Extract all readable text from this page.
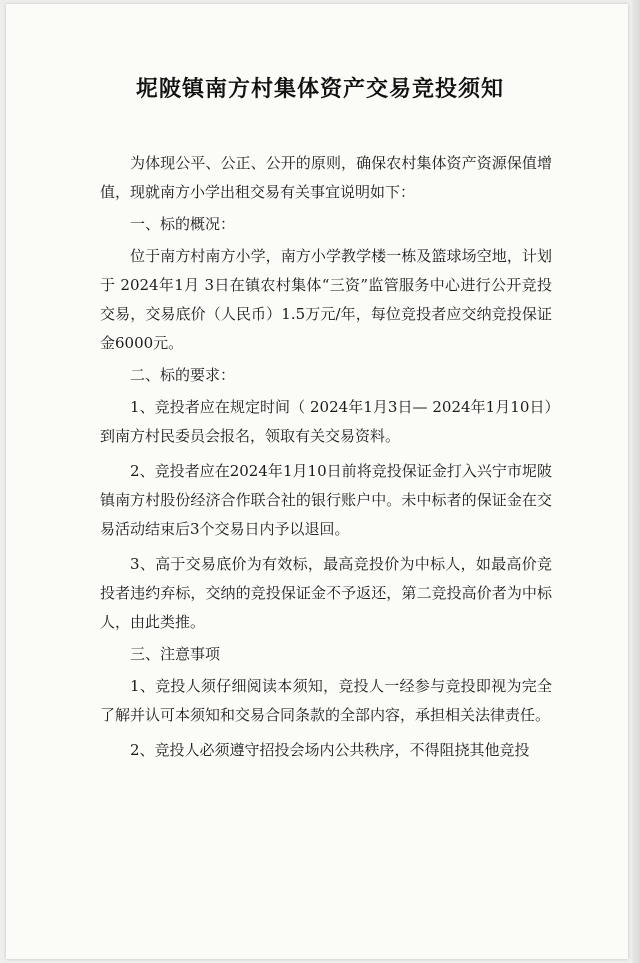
坭陂镇南方村集体资产交易竞投须知

为体现公平、公正、公开的原则，确保农村集体资产资源保值增值，现就南方小学出租交易有关事宜说明如下：

一、标的概况：

位于南方村南方小学，南方小学教学楼一栋及篮球场空地，计划于 2024年1月 3日在镇农村集体“三资”监管服务中心进行公开竞投交易，交易底价（人民币）1.5万元/年，每位竞投者应交纳竞投保证金6000元。

二、标的要求：

1、竞投者应在规定时间（ 2024年1月3日— 2024年1月10日）到南方村民委员会报名，领取有关交易资料。

2、竞投者应在2024年1月10日前将竞投保证金打入兴宁市坭陂镇南方村股份经济合作联合社的银行账户中。未中标者的保证金在交易活动结束后3个交易日内予以退回。

3、高于交易底价为有效标，最高竞投价为中标人，如最高价竞投者违约弃标，交纳的竞投保证金不予返还，第二竞投高价者为中标人，由此类推。

三、注意事项

1、竞投人须仔细阅读本须知，竞投人一经参与竞投即视为完全了解并认可本须知和交易合同条款的全部内容，承担相关法律责任。

2、竞投人必须遵守招投会场内公共秩序，不得阻挠其他竞投
